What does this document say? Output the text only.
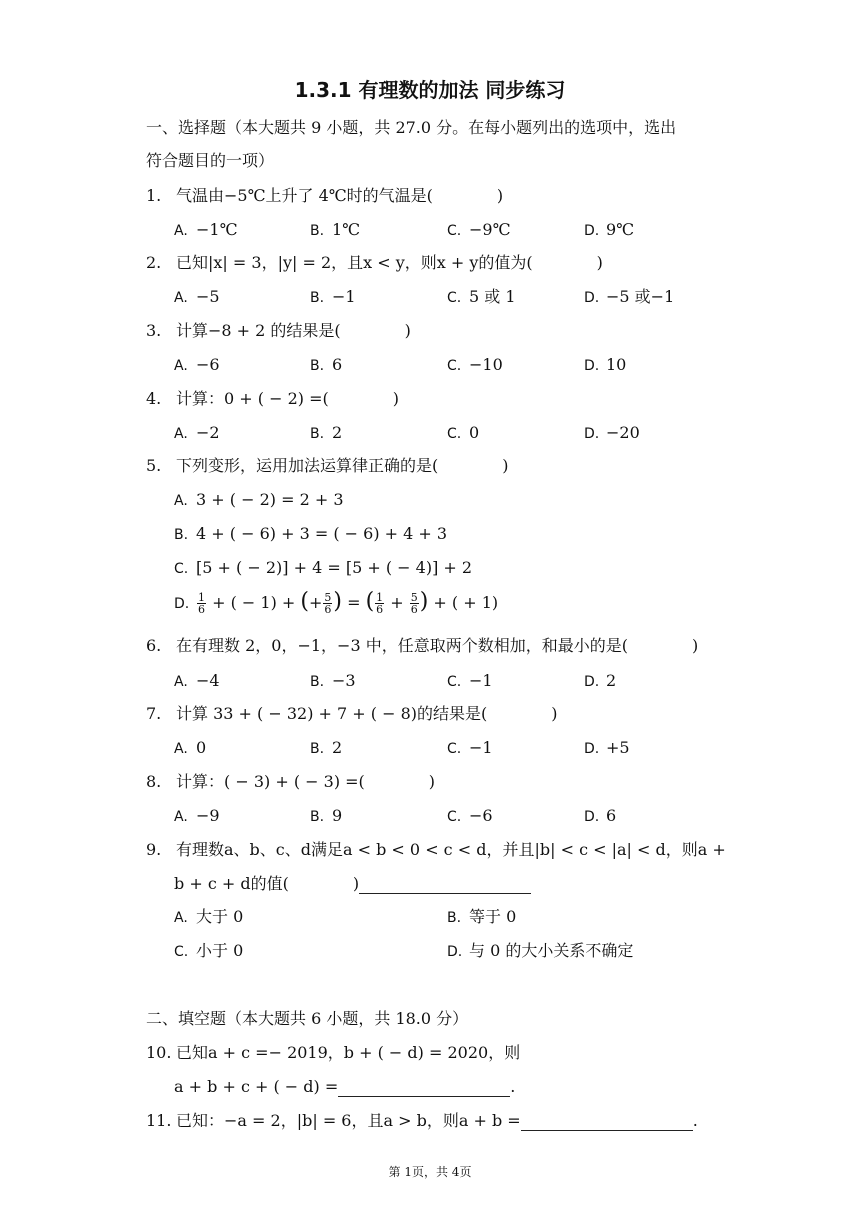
1.3.1 有理数的加法 同步练习
一、选择题（本大题共 9 小题，共 27.0 分。在每小题列出的选项中，选出
符合题目的一项）
1. 气温由−5℃上升了 4℃时的气温是(　　　　)
A. −1℃	B. 1℃	C. −9℃	D. 9℃
2. 已知|x| = 3，|y| = 2，且x < y，则x + y的值为(　　　　)
A. −5	B. −1	C. 5 或 1	D. −5 或−1
3. 计算−8 + 2 的结果是(　　　　)
A. −6	B. 6	C. −10	D. 10
4. 计算：0 + ( − 2) =(　　　　)
A. −2	B. 2	C. 0	D. −20
5. 下列变形，运用加法运算律正确的是(　　　　)
A. 3 + ( − 2) = 2 + 3
B. 4 + ( − 6) + 3 = ( − 6) + 4 + 3
C. [5 + ( − 2)] + 4 = [5 + ( − 4)] + 2
D. $\frac{1}{6}$ + ( − 1) + (+ $\frac{5}{6}$ ) = ( $\frac{1}{6} + \frac{5}{6}$ ) + ( + 1)
6. 在有理数 2，0，−1，−3 中，任意取两个数相加，和最小的是(　　　　)
A. −4	B. −3	C. −1	D. 2
7. 计算 33 + ( − 32) + 7 + ( − 8)的结果是(　　　　)
A. 0	B. 2	C. −1	D. +5
8. 计算：( − 3) + ( − 3) =(　　　　)
A. −9	B. 9	C. −6	D. 6
9. 有理数a、b、c、d满足a < b < 0 < c < d，并且|b| < c < |a| < d，则a +
b + c + d的值(　　　　)
A. 大于 0	B. 等于 0
C. 小于 0	D. 与 0 的大小关系不确定
二、填空题（本大题共 6 小题，共 18.0 分）
10. 已知a + c =− 2019，b + ( − d) = 2020，则
a + b + c + ( − d) =	.
11. 已知：−a = 2，|b| = 6，且a > b，则a + b =	.
第 1页，共 4页
